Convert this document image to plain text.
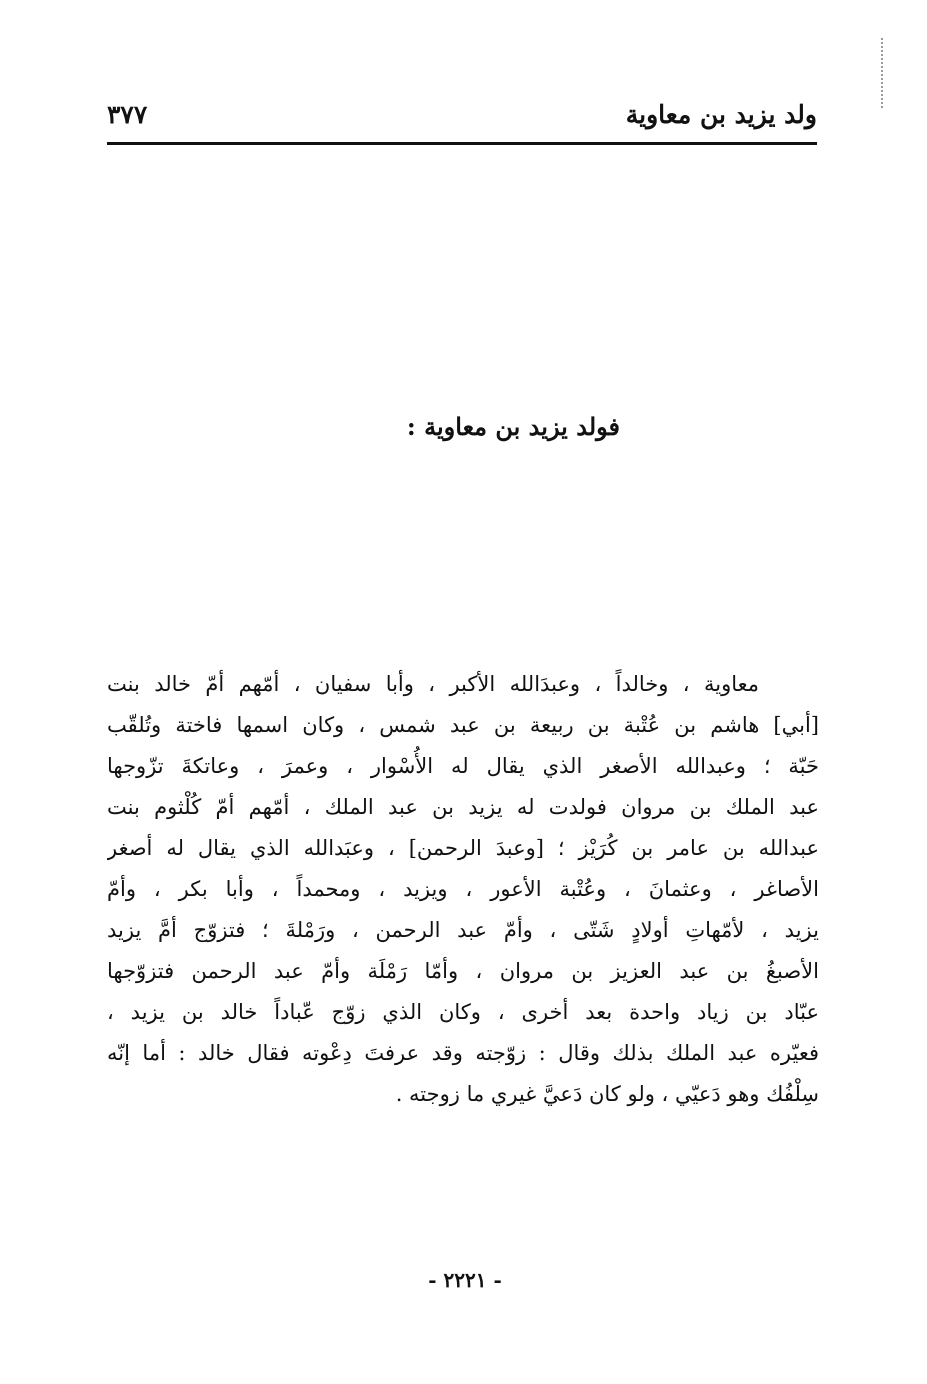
ولد يزيد بن معاوية
٣٧٧
فولد يزيد بن معاوية :
معاوية ، وخالداً ، وعبدَالله الأكبر ، وأبا سفيان ، أمّهم أمّ خالد بنت
[أبي] هاشم بن عُتْبة بن ربيعة بن عبد شمس ، وكان اسمها فاختة وتُلقّب
حَبّة ؛ وعبدالله الأصغر الذي يقال له الأُسْوار ، وعمرَ ، وعاتكةَ تزّوجها
عبد الملك بن مروان فولدت له يزيد بن عبد الملك ، أمّهم أمّ كُلْثوم بنت
عبدالله بن عامر بن كُرَيْز ؛ [وعبدَ الرحمن] ، وعبَدالله الذي يقال له أصغر
الأصاغر ، وعثمانَ ، وعُتْبة الأعور ، ويزيد ، ومحمداً ، وأبا بكر ، وأمّ
يزيد ، لأمّهاتِ أولادٍ شَتّى ، وأمّ عبد الرحمن ، ورَمْلةَ ؛ فتزوّج أمَّ يزيد
الأصبغُ بن عبد العزيز بن مروان ، وأمّا رَمْلَة وأمّ عبد الرحمن فتزوّجها
عبّاد بن زياد واحدة بعد أخرى ، وكان الذي زوّج عّباداً خالد بن يزيد ،
فعيّره عبد الملك بذلك وقال : زوّجته وقد عرفتَ دِعْوته فقال خالد : أما إنّه
سِلْفُك وهو دَعيّي ، ولو كان دَعيَّ غيري ما زوجته .
- ٢٢٢١ -
